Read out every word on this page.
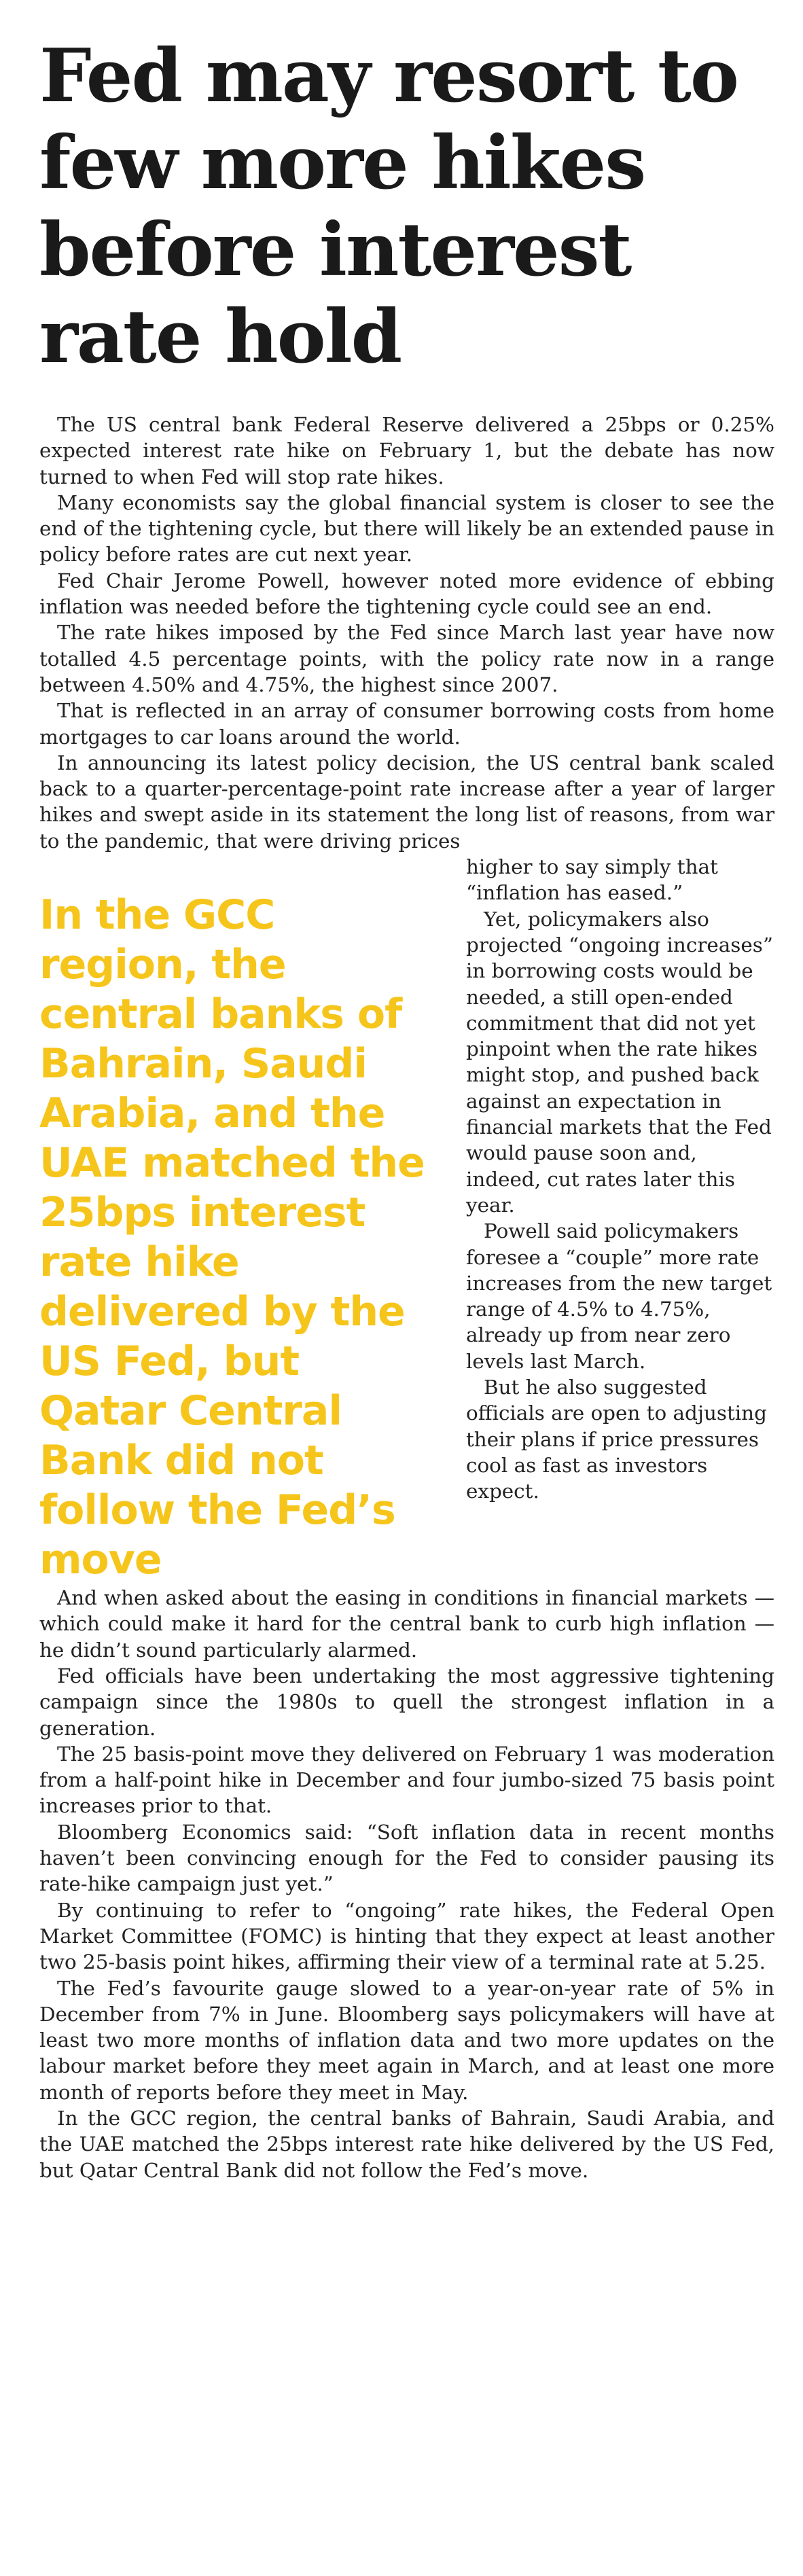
Fed may resort to few more hikes before interest rate hold

The US central bank Federal Reserve delivered a 25bps or 0.25% expected interest rate hike on February 1, but the debate has now turned to when Fed will stop rate hikes.

Many economists say the global financial system is closer to see the end of the tightening cycle, but there will likely be an extended pause in policy before rates are cut next year.

Fed Chair Jerome Powell, however noted more evidence of ebbing inflation was needed before the tightening cycle could see an end.

The rate hikes imposed by the Fed since March last year have now totalled 4.5 percentage points, with the policy rate now in a range between 4.50% and 4.75%, the highest since 2007.

That is reflected in an array of consumer borrowing costs from home mortgages to car loans around the world.

In announcing its latest policy decision, the US central bank scaled back to a quarter-percentage-point rate increase after a year of larger hikes and swept aside in its statement the long list of reasons, from war to the pandemic, that were driving prices

In the GCC region, the central banks of Bahrain, Saudi Arabia, and the UAE matched the 25bps interest rate hike delivered by the US Fed, but Qatar Central Bank did not follow the Fed’s move

higher to say simply that “inflation has eased.”

Yet, policymakers also projected “ongoing increases” in borrowing costs would be needed, a still open-ended commitment that did not yet pinpoint when the rate hikes might stop, and pushed back against an expectation in financial markets that the Fed would pause soon and, indeed, cut rates later this year.

Powell said policymakers foresee a “couple” more rate increases from the new target range of 4.5% to 4.75%, already up from near zero levels last March.

But he also suggested officials are open to adjusting their plans if price pressures cool as fast as investors expect.

And when asked about the easing in conditions in financial markets — which could make it hard for the central bank to curb high inflation — he didn’t sound particularly alarmed.

Fed officials have been undertaking the most aggressive tightening campaign since the 1980s to quell the strongest inflation in a generation.

The 25 basis-point move they delivered on February 1 was moderation from a half-point hike in December and four jumbo-sized 75 basis point increases prior to that.

Bloomberg Economics said: “Soft inflation data in recent months haven’t been convincing enough for the Fed to consider pausing its rate-hike campaign just yet.”

By continuing to refer to “ongoing” rate hikes, the Federal Open Market Committee (FOMC) is hinting that they expect at least another two 25-basis point hikes, affirming their view of a terminal rate at 5.25.

The Fed’s favourite gauge slowed to a year-on-year rate of 5% in December from 7% in June. Bloomberg says policymakers will have at least two more months of inflation data and two more updates on the labour market before they meet again in March, and at least one more month of reports before they meet in May.

In the GCC region, the central banks of Bahrain, Saudi Arabia, and the UAE matched the 25bps interest rate hike delivered by the US Fed, but Qatar Central Bank did not follow the Fed’s move.
